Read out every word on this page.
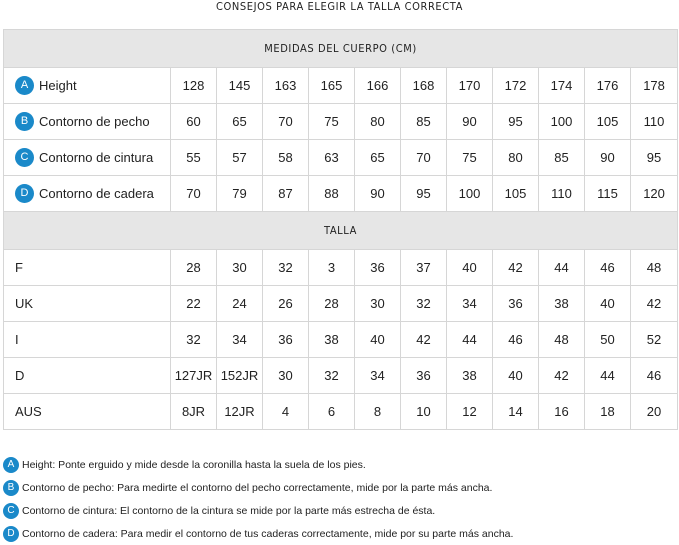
CONSEJOS PARA ELEGIR LA TALLA CORRECTA
MEDIDAS DEL CUERPO (CM)											
A Height	128	145	163	165	166	168	170	172	174	176	178
B Contorno de pecho	60	65	70	75	80	85	90	95	100	105	110
C Contorno de cintura	55	57	58	63	65	70	75	80	85	90	95
D Contorno de cadera	70	79	87	88	90	95	100	105	110	115	120
TALLA											
F	28	30	32	3	36	37	40	42	44	46	48
UK	22	24	26	28	30	32	34	36	38	40	42
I	32	34	36	38	40	42	44	46	48	50	52
D	127JR	152JR	30	32	34	36	38	40	42	44	46
AUS	8JR	12JR	4	6	8	10	12	14	16	18	20
A Height: Ponte erguido y mide desde la coronilla hasta la suela de los pies.
B Contorno de pecho: Para medirte el contorno del pecho correctamente, mide por la parte más ancha.
C Contorno de cintura: El contorno de la cintura se mide por la parte más estrecha de ésta.
D Contorno de cadera: Para medir el contorno de tus caderas correctamente, mide por su parte más ancha.
